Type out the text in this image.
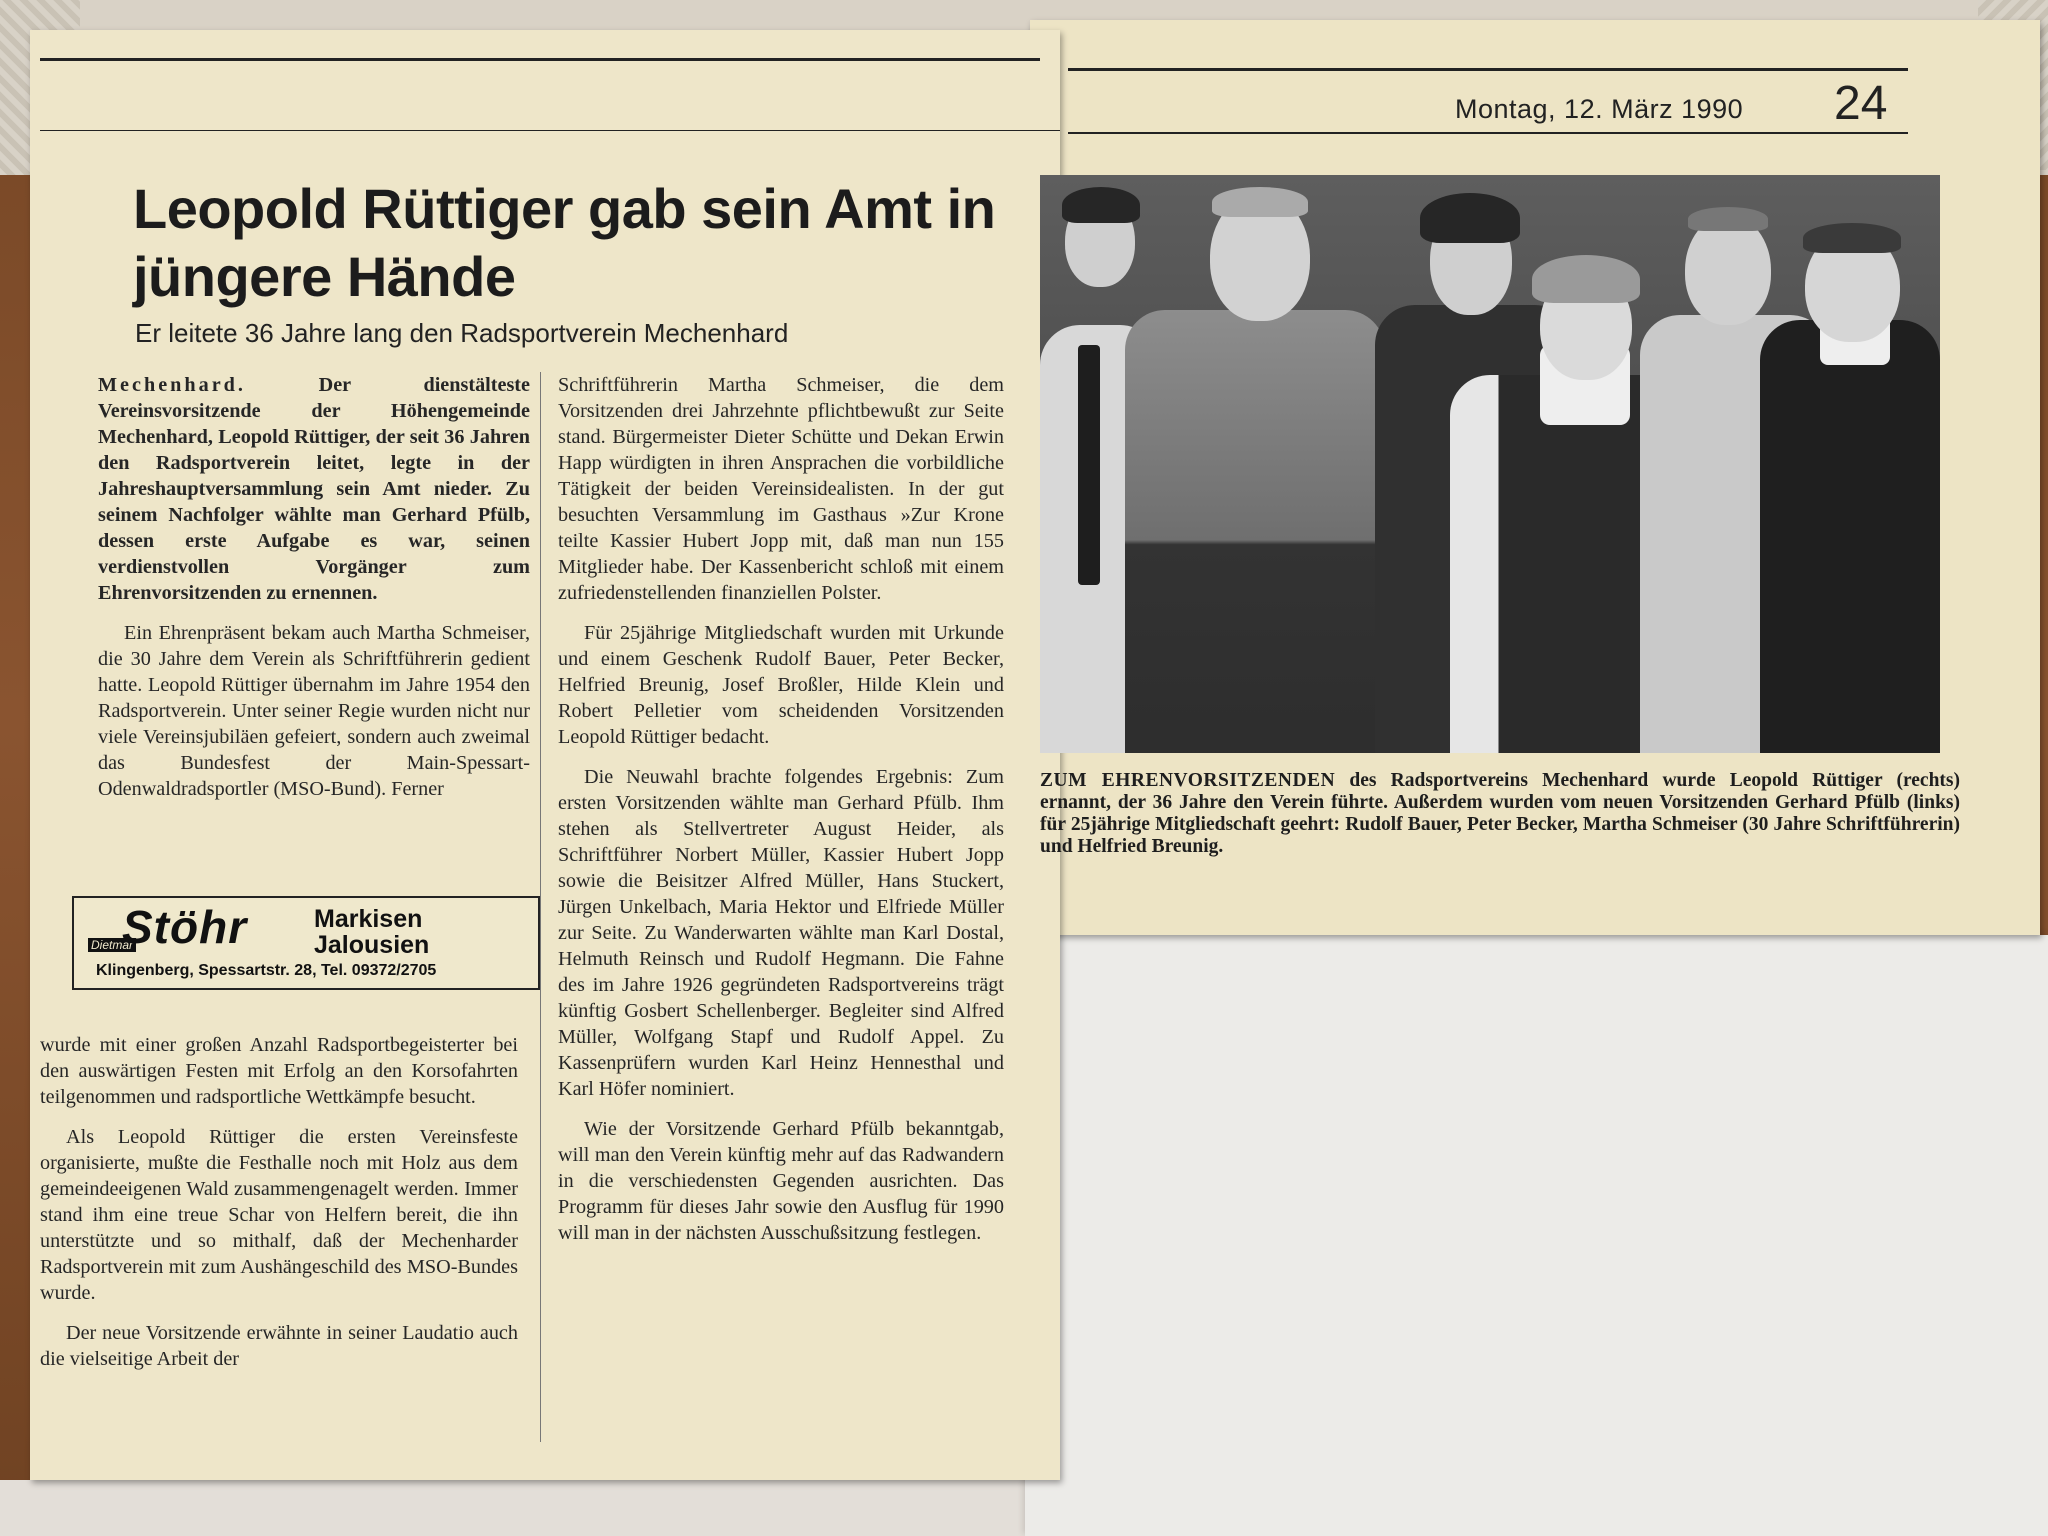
Montag, 12. März 1990 24
Leopold Rüttiger gab sein Amt in jüngere Hände
Er leitete 36 Jahre lang den Radsportverein Mechenhard

Mechenhard.	Der dienstälteste Vereinsvorsitzende der Höhengemeinde Mechenhard, Leopold Rüttiger, der seit 36 Jahren den Radsportverein leitet, legte in der Jahreshauptversammlung sein Amt nieder. Zu seinem Nachfolger wählte man Gerhard Pfülb, dessen erste Aufgabe es war, seinen verdienstvollen Vorgänger zum Ehrenvorsitzenden zu ernennen.

Ein Ehrenpräsent bekam auch Martha Schmeiser, die 30 Jahre dem Verein als Schriftführerin gedient hatte. Leopold Rüttiger übernahm im Jahre 1954 den Radsportverein. Unter seiner Regie wurden nicht nur viele Vereinsjubiläen gefeiert, sondern auch zweimal das Bundesfest der Main-Spessart-Odenwaldradsportler (MSO-Bund). Ferner

Dietmar
Stöhr	Markisen
Jalousien
Klingenberg, Spessartstr. 28, Tel. 09372/2705

wurde mit einer großen Anzahl Radsportbegeisterter bei den auswärtigen Festen mit Erfolg an den Korsofahrten teilgenommen und radsportliche Wettkämpfe besucht.

Als Leopold Rüttiger die ersten Vereinsfeste organisierte, mußte die Festhalle noch mit Holz aus dem gemeindeeigenen Wald zusammengenagelt werden. Immer stand ihm eine treue Schar von Helfern bereit, die ihn unterstützte und so mithalf, daß der Mechenharder Radsportverein mit zum Aushängeschild des MSO-Bundes wurde.

Der neue Vorsitzende erwähnte in seiner Laudatio auch die vielseitige Arbeit der

Schriftführerin Martha Schmeiser, die dem Vorsitzenden drei Jahrzehnte pflichtbewußt zur Seite stand. Bürgermeister Dieter Schütte und Dekan Erwin Happ würdigten in ihren Ansprachen die vorbildliche Tätigkeit der beiden Vereinsidealisten. In der gut besuchten Versammlung im Gasthaus »Zur Krone teilte Kassier Hubert Jopp mit, daß man nun 155 Mitglieder habe. Der Kassenbericht schloß mit einem zufriedenstellenden finanziellen Polster.

Für 25jährige Mitgliedschaft wurden mit Urkunde und einem Geschenk Rudolf Bauer, Peter Becker, Helfried Breunig, Josef Broßler, Hilde Klein und Robert Pelletier vom scheidenden Vorsitzenden Leopold Rüttiger bedacht.

Die Neuwahl brachte folgendes Ergebnis: Zum ersten Vorsitzenden wählte man Gerhard Pfülb. Ihm stehen als Stellvertreter August Heider, als Schriftführer Norbert Müller, Kassier Hubert Jopp sowie die Beisitzer Alfred Müller, Hans Stuckert, Jürgen Unkelbach, Maria Hektor und Elfriede Müller zur Seite. Zu Wanderwarten wählte man Karl Dostal, Helmuth Reinsch und Rudolf Hegmann. Die Fahne des im Jahre 1926 gegründeten Radsportvereins trägt künftig Gosbert Schellenberger. Begleiter sind Alfred Müller, Wolfgang Stapf und Rudolf Appel. Zu Kassenprüfern wurden Karl Heinz Hennesthal und Karl Höfer nominiert.

Wie der Vorsitzende Gerhard Pfülb bekanntgab, will man den Verein künftig mehr auf das Radwandern in die verschiedensten Gegenden ausrichten. Das Programm für dieses Jahr sowie den Ausflug für 1990 will man in der nächsten Ausschußsitzung festlegen.

ZUM EHRENVORSITZENDEN des Radsportvereins Mechenhard wurde Leopold Rüttiger (rechts) ernannt, der 36 Jahre den Verein führte. Außerdem wurden vom neuen Vorsitzenden Gerhard Pfülb (links) für 25jährige Mitgliedschaft geehrt: Rudolf Bauer, Peter Becker, Martha Schmeiser (30 Jahre Schriftführerin) und Helfried Breunig.
